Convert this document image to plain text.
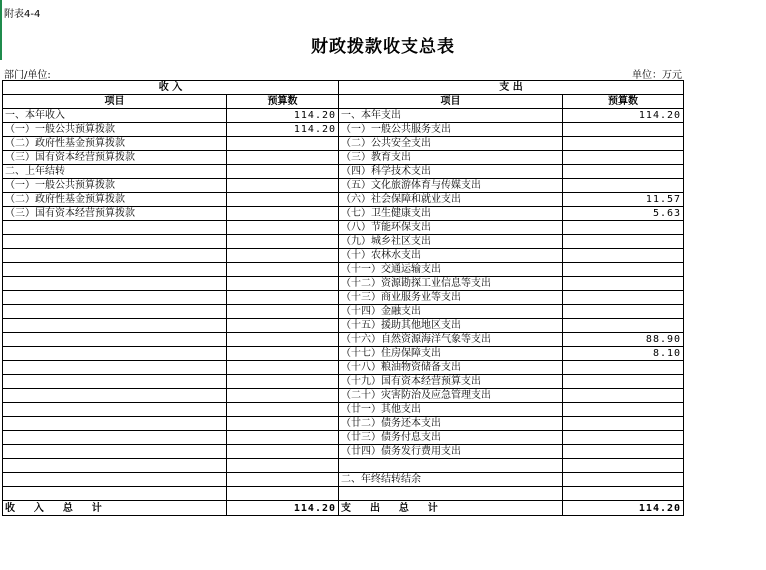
附表4-4
财政拨款收支总表
部门/单位:	单位：万元
收 入		支 出	
项目	预算数	项目	预算数
一、本年收入	114.20	一、本年支出	114.20
（一）一般公共预算拨款	114.20	（一）一般公共服务支出	
（二）政府性基金预算拨款		（二）公共安全支出	
（三）国有资本经营预算拨款		（三）教育支出	
二、上年结转		（四）科学技术支出	
（一）一般公共预算拨款		（五）文化旅游体育与传媒支出	
（二）政府性基金预算拨款		（六）社会保障和就业支出	11.57
（三）国有资本经营预算拨款		（七）卫生健康支出	5.63
		（八）节能环保支出	
		（九）城乡社区支出	
		（十）农林水支出	
		（十一）交通运输支出	
		（十二）资源勘探工业信息等支出	
		（十三）商业服务业等支出	
		（十四）金融支出	
		（十五）援助其他地区支出	
		（十六）自然资源海洋气象等支出	88.90
		（十七）住房保障支出	8.10
		（十八）粮油物资储备支出	
		（十九）国有资本经营预算支出	
		（二十）灾害防治及应急管理支出	
		（廿一）其他支出	
		（廿二）债务还本支出	
		（廿三）债务付息支出	
		（廿四）债务发行费用支出	

		二、年终结转结余	

收    入    总    计	114.20	支    出    总    计	114.20
